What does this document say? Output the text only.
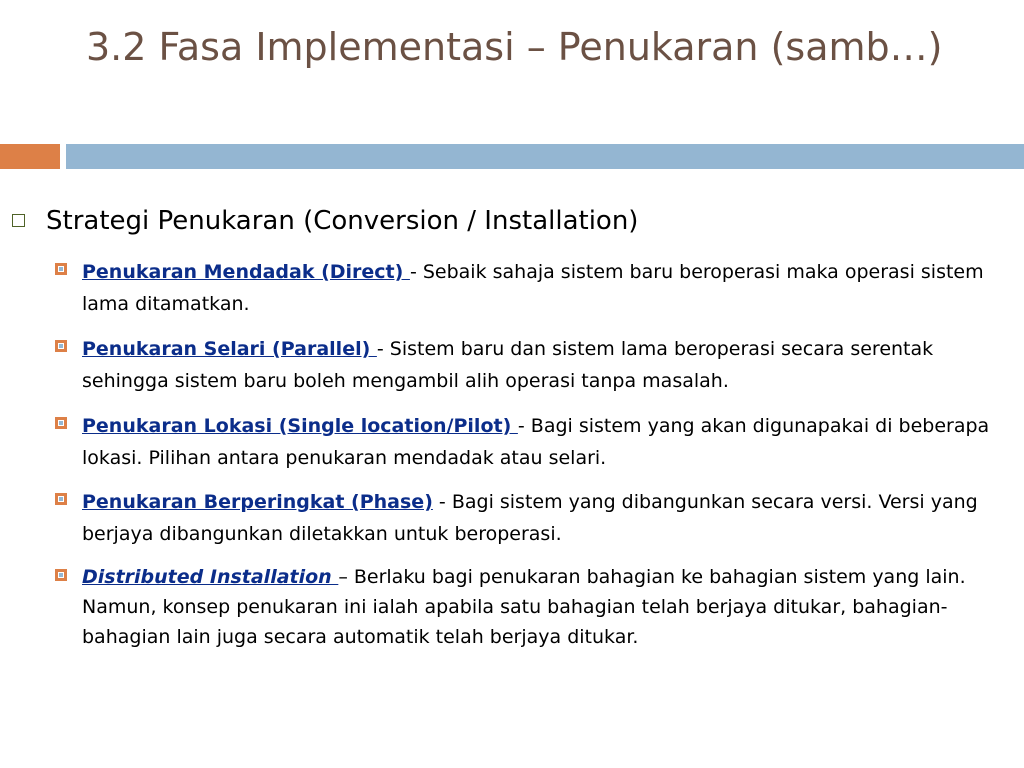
3.2 Fasa Implementasi – Penukaran (samb…)
Strategi Penukaran (Conversion / Installation)
Penukaran Mendadak (Direct) - Sebaik sahaja sistem baru beroperasi maka operasi sistem lama ditamatkan.
Penukaran Selari (Parallel) - Sistem baru dan sistem lama beroperasi secara serentak sehingga sistem baru boleh mengambil alih operasi tanpa masalah.
Penukaran Lokasi (Single location/Pilot) - Bagi sistem yang akan digunapakai di beberapa lokasi. Pilihan antara penukaran mendadak atau selari.
Penukaran Berperingkat (Phase) - Bagi sistem yang dibangunkan secara versi. Versi yang berjaya dibangunkan diletakkan untuk beroperasi.
Distributed Installation – Berlaku bagi penukaran bahagian ke bahagian sistem yang lain. Namun, konsep penukaran ini ialah apabila satu bahagian telah berjaya ditukar, bahagian-bahagian lain juga secara automatik telah berjaya ditukar.
